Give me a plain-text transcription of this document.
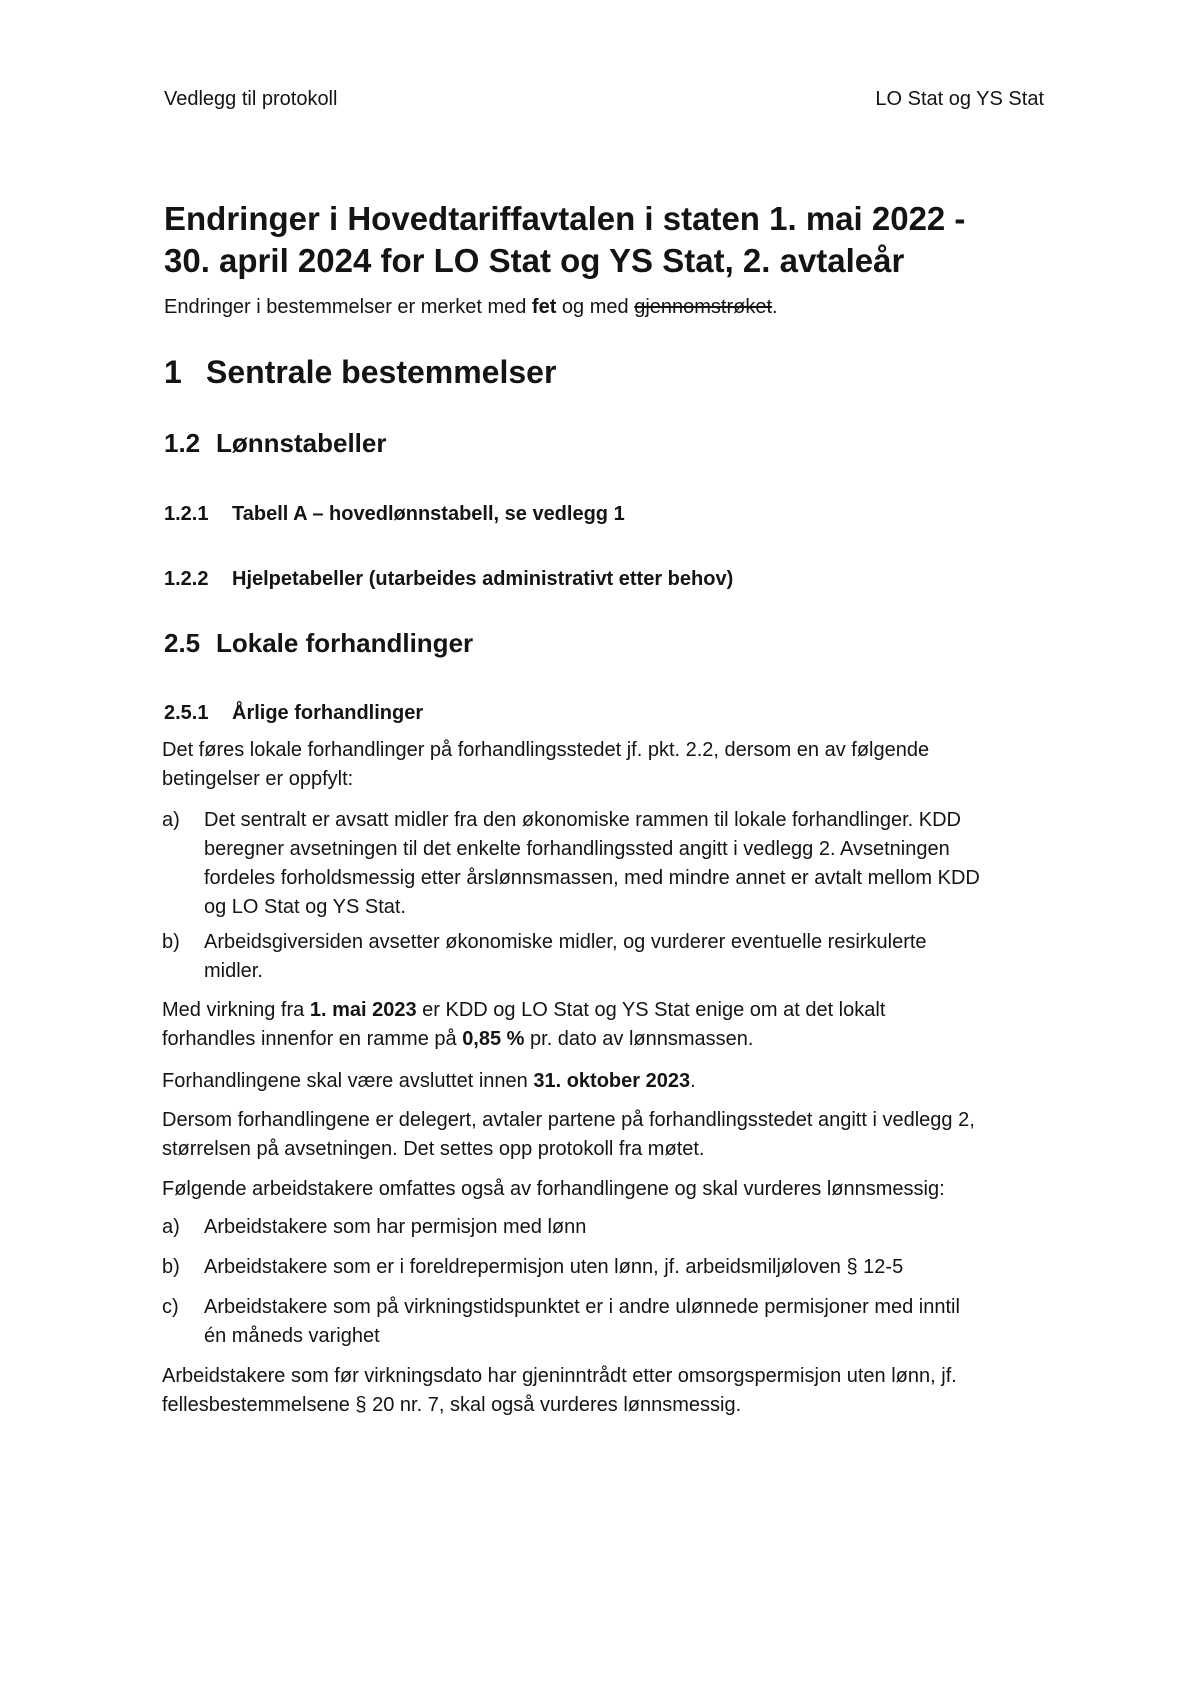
Vedlegg til protokoll	LO Stat og YS Stat
Endringer i Hovedtariffavtalen i staten 1. mai 2022 -
30. april 2024 for LO Stat og YS Stat, 2. avtaleår
Endringer i bestemmelser er merket med fet og med gjennomstrøket.
1 Sentrale bestemmelser
1.2 Lønnstabeller
1.2.1 Tabell A – hovedlønnstabell, se vedlegg 1
1.2.2 Hjelpetabeller (utarbeides administrativt etter behov)
2.5 Lokale forhandlinger
2.5.1 Årlige forhandlinger
Det føres lokale forhandlinger på forhandlingsstedet jf. pkt. 2.2, dersom en av følgende
betingelser er oppfylt:
a) Det sentralt er avsatt midler fra den økonomiske rammen til lokale forhandlinger. KDD
beregner avsetningen til det enkelte forhandlingssted angitt i vedlegg 2. Avsetningen
fordeles forholdsmessig etter årslønnsmassen, med mindre annet er avtalt mellom KDD
og LO Stat og YS Stat.
b) Arbeidsgiversiden avsetter økonomiske midler, og vurderer eventuelle resirkulerte
midler.
Med virkning fra 1. mai 2023 er KDD og LO Stat og YS Stat enige om at det lokalt
forhandles innenfor en ramme på 0,85 % pr. dato av lønnsmassen.
Forhandlingene skal være avsluttet innen 31. oktober 2023.
Dersom forhandlingene er delegert, avtaler partene på forhandlingsstedet angitt i vedlegg 2,
størrelsen på avsetningen. Det settes opp protokoll fra møtet.
Følgende arbeidstakere omfattes også av forhandlingene og skal vurderes lønnsmessig:
a) Arbeidstakere som har permisjon med lønn
b) Arbeidstakere som er i foreldrepermisjon uten lønn, jf. arbeidsmiljøloven § 12-5
c) Arbeidstakere som på virkningstidspunktet er i andre ulønnede permisjoner med inntil
én måneds varighet
Arbeidstakere som før virkningsdato har gjeninntrådt etter omsorgspermisjon uten lønn, jf.
fellesbestemmelsene § 20 nr. 7, skal også vurderes lønnsmessig.
